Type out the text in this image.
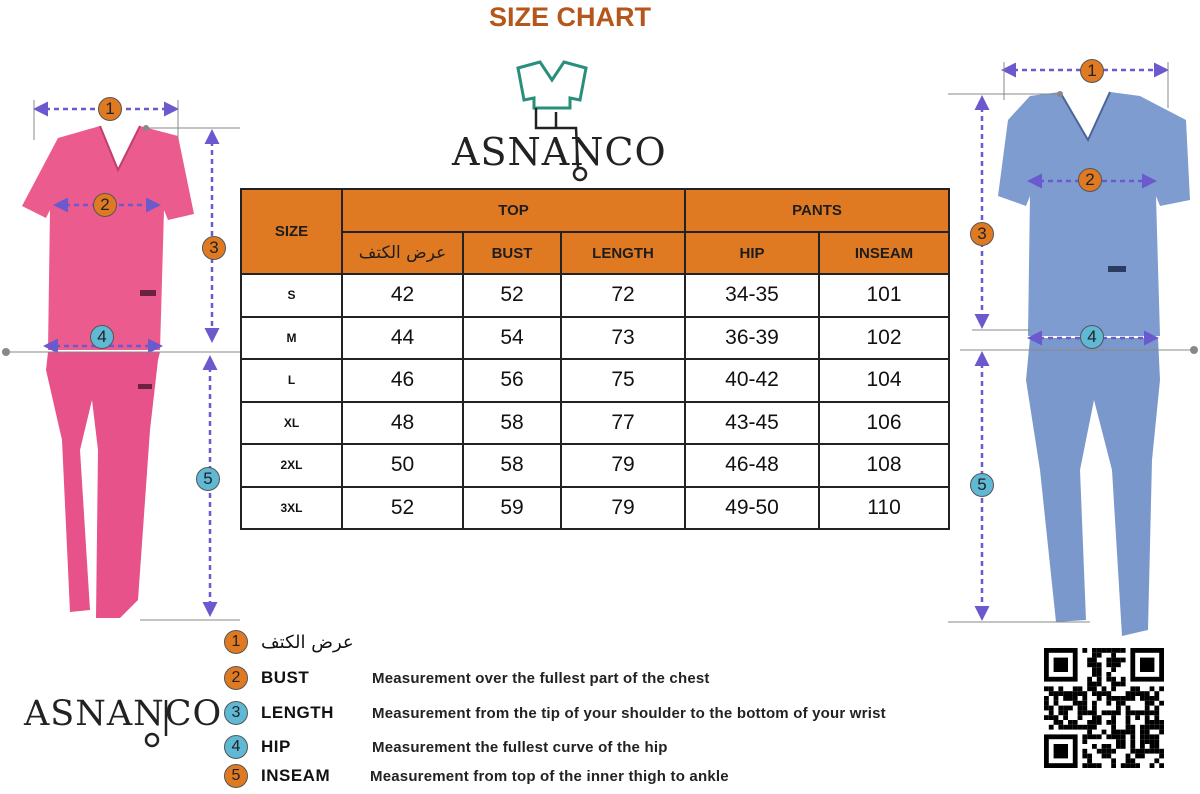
SIZE CHART
ASNANCO
ASNANCO
1
2
3
4
5
1
2
3
4
5
SIZE	TOP			PANTS	
	عرض الكتف	BUST	LENGTH	HIP	INSEAM
S	42	52	72	34-35	101
M	44	54	73	36-39	102
L	46	56	75	40-42	104
XL	48	58	77	43-45	106
2XL	50	58	79	46-48	108
3XL	52	59	79	49-50	110
1	عرض الكتف
2	BUST	Measurement over the fullest part of the chest
3	LENGTH	Measurement from the tip of your shoulder to the bottom of your wrist
4	HIP	Measurement the fullest curve of the hip
5	INSEAM	Measurement from top of the inner thigh to ankle
